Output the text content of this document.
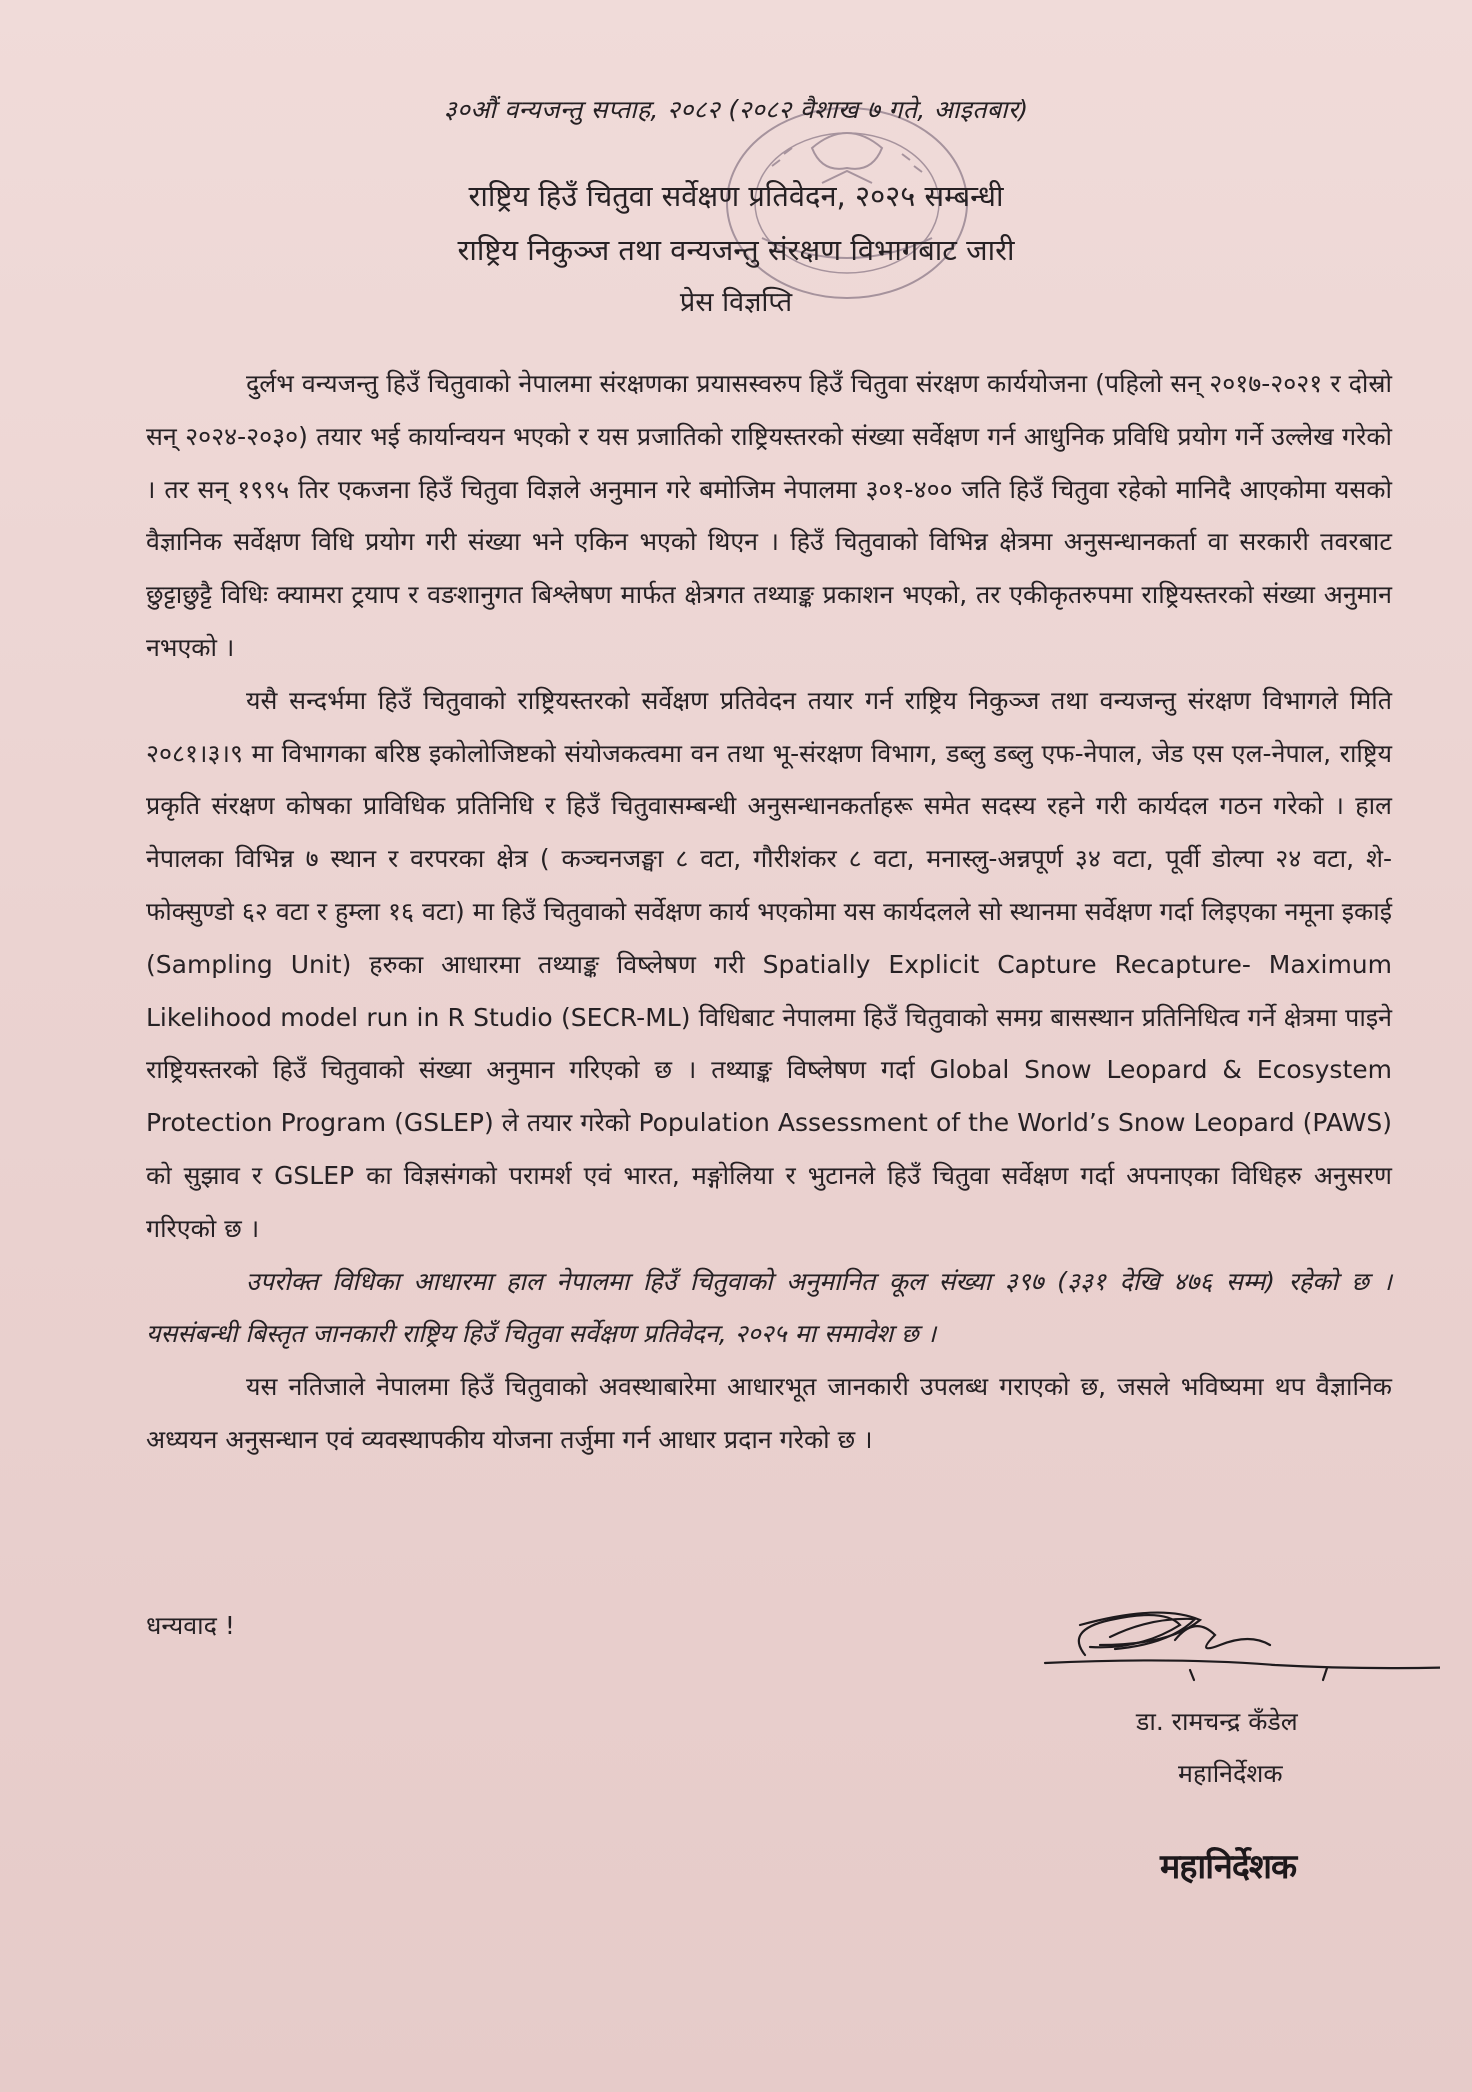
३०औं वन्यजन्तु सप्ताह, २०८२ (२०८२ वैशाख ७ गते, आइतबार)
राष्ट्रिय हिउँ चितुवा सर्वेक्षण प्रतिवेदन, २०२५ सम्बन्धी
राष्ट्रिय निकुञ्ज तथा वन्यजन्तु संरक्षण विभागबाट जारी
प्रेस विज्ञप्ति

दुर्लभ वन्यजन्तु हिउँ चितुवाको नेपालमा संरक्षणका प्रयासस्वरुप हिउँ चितुवा संरक्षण कार्ययोजना (पहिलो सन् २०१७-२०२१ र दोस्रो सन् २०२४-२०३०) तयार भई कार्यान्वयन भएको र यस प्रजातिको राष्ट्रियस्तरको संख्या सर्वेक्षण गर्न आधुनिक प्रविधि प्रयोग गर्ने उल्लेख गरेको । तर सन् १९९५ तिर एकजना हिउँ चितुवा विज्ञले अनुमान गरे बमोजिम नेपालमा ३०१-४०० जति हिउँ चितुवा रहेको मानिदै आएकोमा यसको वैज्ञानिक सर्वेक्षण विधि प्रयोग गरी संख्या भने एकिन भएको थिएन । हिउँ चितुवाको विभिन्न क्षेत्रमा अनुसन्धानकर्ता वा सरकारी तवरबाट छुट्टाछुट्टै विधिः क्यामरा ट्रयाप र वङशानुगत बिश्लेषण मार्फत क्षेत्रगत तथ्याङ्क प्रकाशन भएको, तर एकीकृतरुपमा राष्ट्रियस्तरको संख्या अनुमान नभएको ।

यसै सन्दर्भमा हिउँ चितुवाको राष्ट्रियस्तरको सर्वेक्षण प्रतिवेदन तयार गर्न राष्ट्रिय निकुञ्ज तथा वन्यजन्तु संरक्षण विभागले मिति २०८१।३।९ मा विभागका बरिष्ठ इकोलोजिष्टको संयोजकत्वमा वन तथा भू-संरक्षण विभाग, डब्लु डब्लु एफ-नेपाल, जेड एस एल-नेपाल, राष्ट्रिय प्रकृति संरक्षण कोषका प्राविधिक प्रतिनिधि र हिउँ चितुवासम्बन्धी अनुसन्धानकर्ताहरू समेत सदस्य रहने गरी कार्यदल गठन गरेको । हाल नेपालका विभिन्न ७ स्थान र वरपरका क्षेत्र ( कञ्चनजङ्घा ८ वटा, गौरीशंकर ८ वटा, मनास्लु-अन्नपूर्ण ३४ वटा, पूर्वी डोल्पा २४ वटा, शे-फोक्सुण्डो ६२ वटा र हुम्ला १६ वटा) मा हिउँ चितुवाको सर्वेक्षण कार्य भएकोमा यस कार्यदलले सो स्थानमा सर्वेक्षण गर्दा लिइएका नमूना इकाई (Sampling Unit) हरुका आधारमा तथ्याङ्क विष्लेषण गरी Spatially Explicit Capture Recapture- Maximum Likelihood model run in R Studio (SECR-ML) विधिबाट नेपालमा हिउँ चितुवाको समग्र बासस्थान प्रतिनिधित्व गर्ने क्षेत्रमा पाइने राष्ट्रियस्तरको हिउँ चितुवाको संख्या अनुमान गरिएको छ । तथ्याङ्क विष्लेषण गर्दा Global Snow Leopard & Ecosystem Protection Program (GSLEP) ले तयार गरेको Population Assessment of the World’s Snow Leopard (PAWS) को सुझाव र GSLEP का विज्ञसंगको परामर्श एवं भारत, मङ्गोलिया र भुटानले हिउँ चितुवा सर्वेक्षण गर्दा अपनाएका विधिहरु अनुसरण गरिएको छ ।

उपरोक्त विधिका आधारमा हाल नेपालमा हिउँ चितुवाको अनुमानित कूल संख्या ३९७ (३३१ देखि ४७६ सम्म) रहेको छ । यससंबन्धी बिस्तृत जानकारी राष्ट्रिय हिउँ चितुवा सर्वेक्षण प्रतिवेदन, २०२५ मा समावेश छ ।

यस नतिजाले नेपालमा हिउँ चितुवाको अवस्थाबारेमा आधारभूत जानकारी उपलब्ध गराएको छ, जसले भविष्यमा थप वैज्ञानिक अध्ययन अनुसन्धान एवं व्यवस्थापकीय योजना तर्जुमा गर्न आधार प्रदान गरेको छ ।

धन्यवाद !
डा. रामचन्द्र कँडेल
महानिर्देशक
महानिर्देशक
